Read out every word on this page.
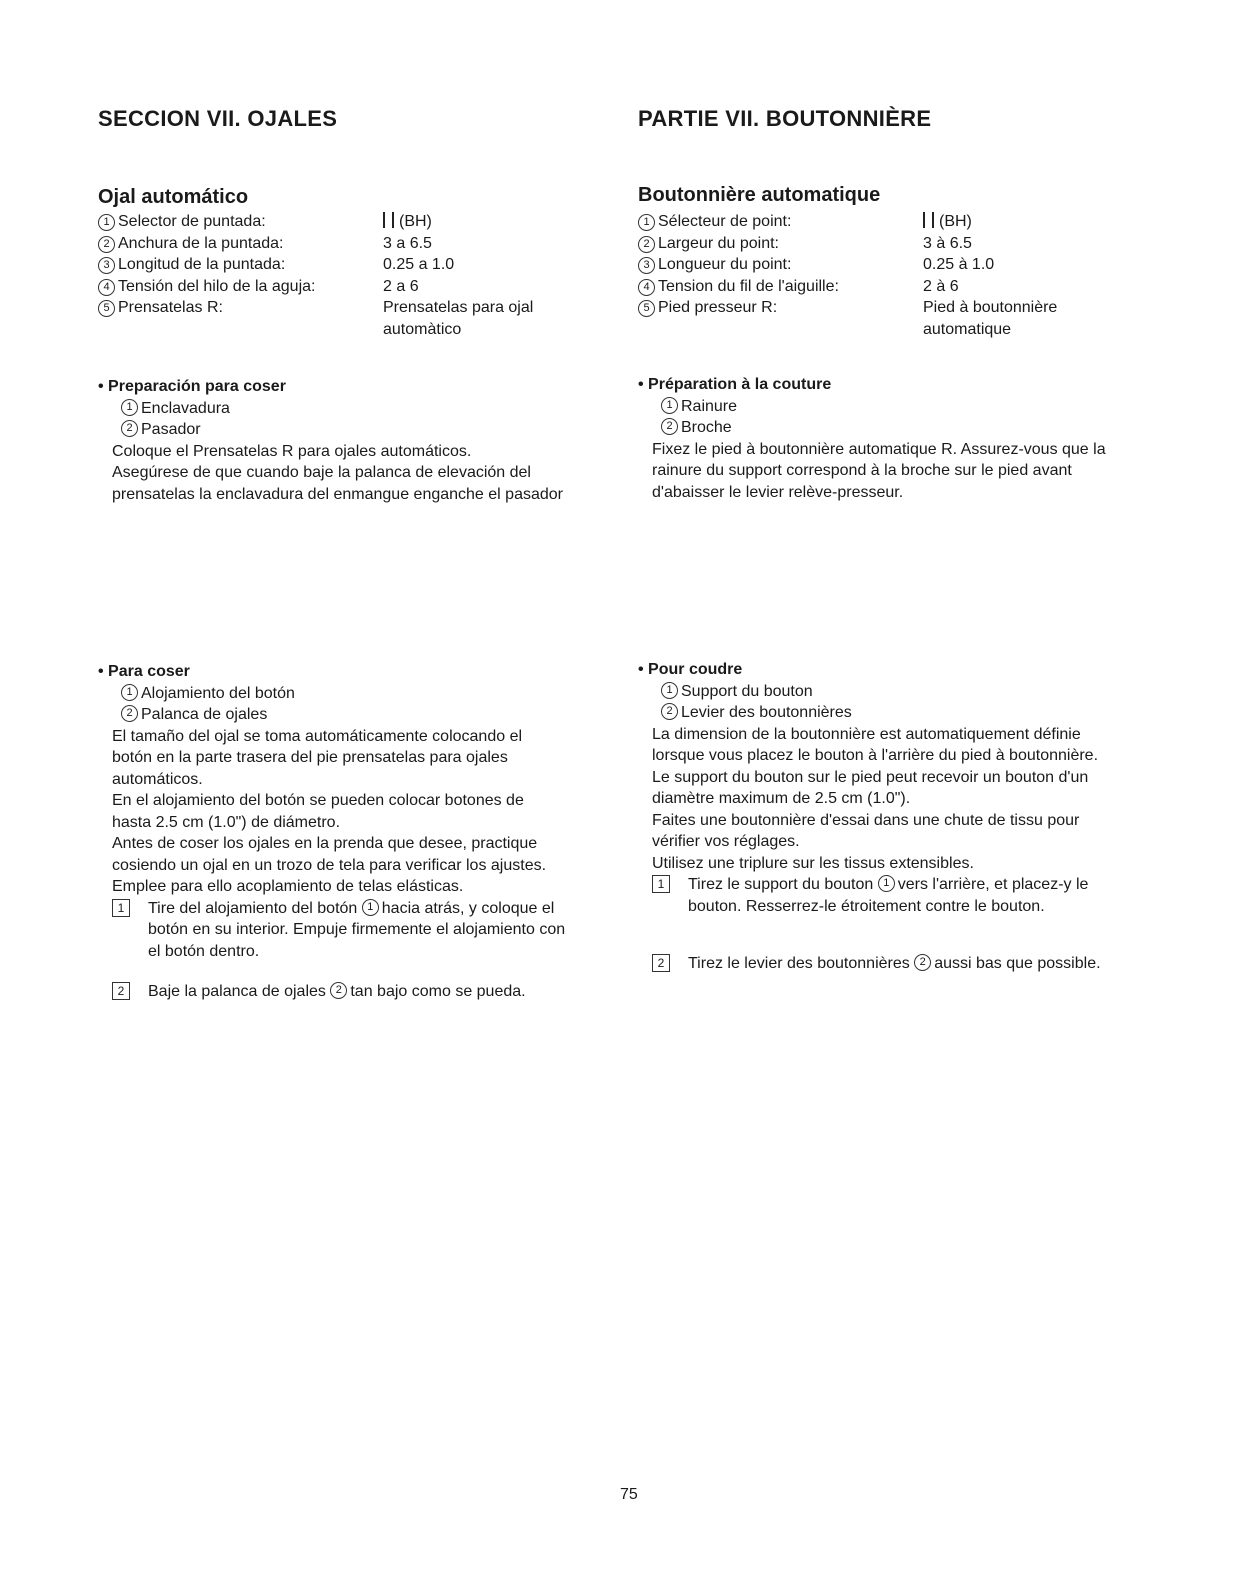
SECCION VII. OJALES
Ojal automático
1 Selector de puntada:	(BH)
2 Anchura de la puntada:	3 a 6.5
3 Longitud de la puntada:	0.25 a 1.0
4 Tensión del hilo de la aguja:	2 a 6
5 Prensatelas R:	Prensatelas para ojal
automàtico
• Preparación para coser
1 Enclavadura
2 Pasador
Coloque el Prensatelas R para ojales automáticos.
Asegúrese de que cuando baje la palanca de elevación del
prensatelas la enclavadura del enmangue enganche el pasador
• Para coser
1 Alojamiento del botón
2 Palanca de ojales
El tamaño del ojal se toma automáticamente colocando el
botón en la parte trasera del pie prensatelas para ojales
automáticos.
En el alojamiento del botón se pueden colocar botones de
hasta 2.5 cm (1.0") de diámetro.
Antes de coser los ojales en la prenda que desee, practique
cosiendo un ojal en un trozo de tela para verificar los ajustes.
Emplee para ello acoplamiento de telas elásticas.
1	Tire del alojamiento del botón 1 hacia atrás, y coloque el
botón en su interior. Empuje firmemente el alojamiento con
el botón dentro.
2	Baje la palanca de ojales 2 tan bajo como se pueda.
PARTIE VII. BOUTONNIÈRE
Boutonnière automatique
1 Sélecteur de point:	(BH)
2 Largeur du point:	3 à 6.5
3 Longueur du point:	0.25 à 1.0
4 Tension du fil de l'aiguille:	2 à 6
5 Pied presseur R:	Pied à boutonnière
automatique
• Préparation à la couture
1 Rainure
2 Broche
Fixez le pied à boutonnière automatique R. Assurez-vous que la
rainure du support correspond à la broche sur le pied avant
d'abaisser le levier relève-presseur.
• Pour coudre
1 Support du bouton
2 Levier des boutonnières
La dimension de la boutonnière est automatiquement définie
lorsque vous placez le bouton à l'arrière du pied à boutonnière.
Le support du bouton sur le pied peut recevoir un bouton d'un
diamètre maximum de 2.5 cm (1.0").
Faites une boutonnière d'essai dans une chute de tissu pour
vérifier vos réglages.
Utilisez une triplure sur les tissus extensibles.
1	Tirez le support du bouton 1 vers l'arrière, et placez-y le
bouton. Resserrez-le étroitement contre le bouton.
2	Tirez le levier des boutonnières 2 aussi bas que possible.
75
